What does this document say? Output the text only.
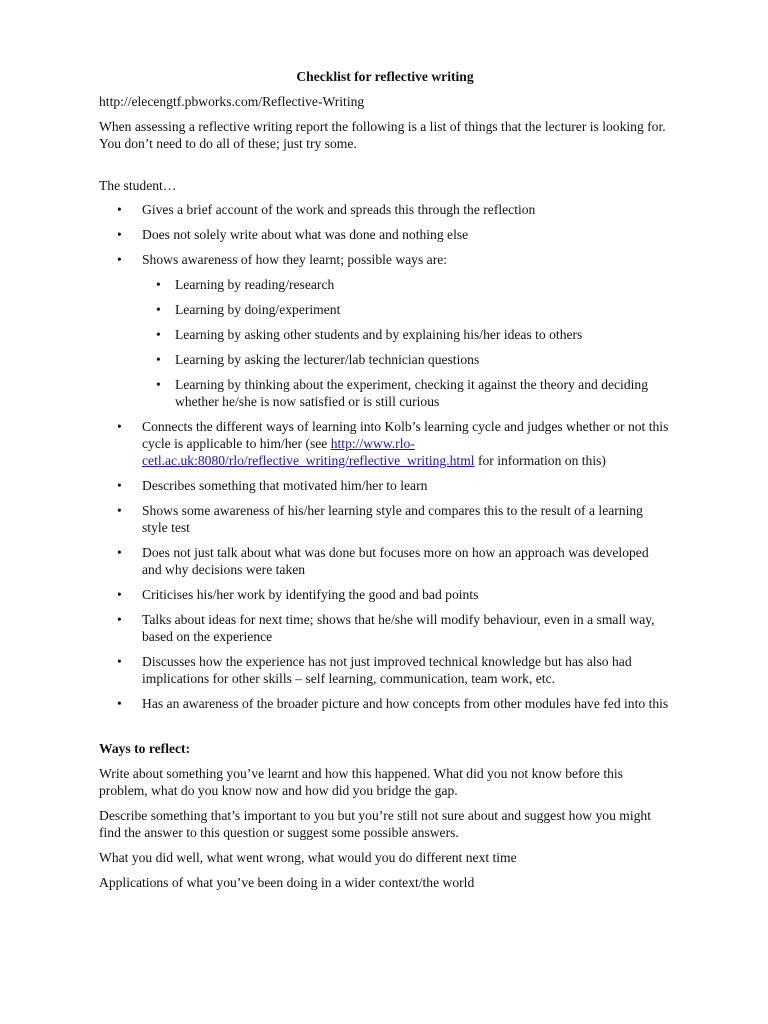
Checklist for reflective writing
http://elecengtf.pbworks.com/Reflective-Writing
When assessing a reflective writing report the following is a list of things that the lecturer is looking for. You don’t need to do all of these; just try some.
The student…
• Gives a brief account of the work and spreads this through the reflection
• Does not solely write about what was done and nothing else
• Shows awareness of how they learnt; possible ways are:
• Learning by reading/research
• Learning by doing/experiment
• Learning by asking other students and by explaining his/her ideas to others
• Learning by asking the lecturer/lab technician questions
• Learning by thinking about the experiment, checking it against the theory and deciding whether he/she is now satisfied or is still curious
• Connects the different ways of learning into Kolb’s learning cycle and judges whether or not this cycle is applicable to him/her (see http://www.rlo-cetl.ac.uk:8080/rlo/reflective_writing/reflective_writing.html for information on this)
• Describes something that motivated him/her to learn
• Shows some awareness of his/her learning style and compares this to the result of a learning style test
• Does not just talk about what was done but focuses more on how an approach was developed and why decisions were taken
• Criticises his/her work by identifying the good and bad points
• Talks about ideas for next time; shows that he/she will modify behaviour, even in a small way, based on the experience
• Discusses how the experience has not just improved technical knowledge but has also had implications for other skills – self learning, communication, team work, etc.
• Has an awareness of the broader picture and how concepts from other modules have fed into this
Ways to reflect:
Write about something you’ve learnt and how this happened. What did you not know before this problem, what do you know now and how did you bridge the gap.
Describe something that’s important to you but you’re still not sure about and suggest how you might find the answer to this question or suggest some possible answers.
What you did well, what went wrong, what would you do different next time
Applications of what you’ve been doing in a wider context/the world
